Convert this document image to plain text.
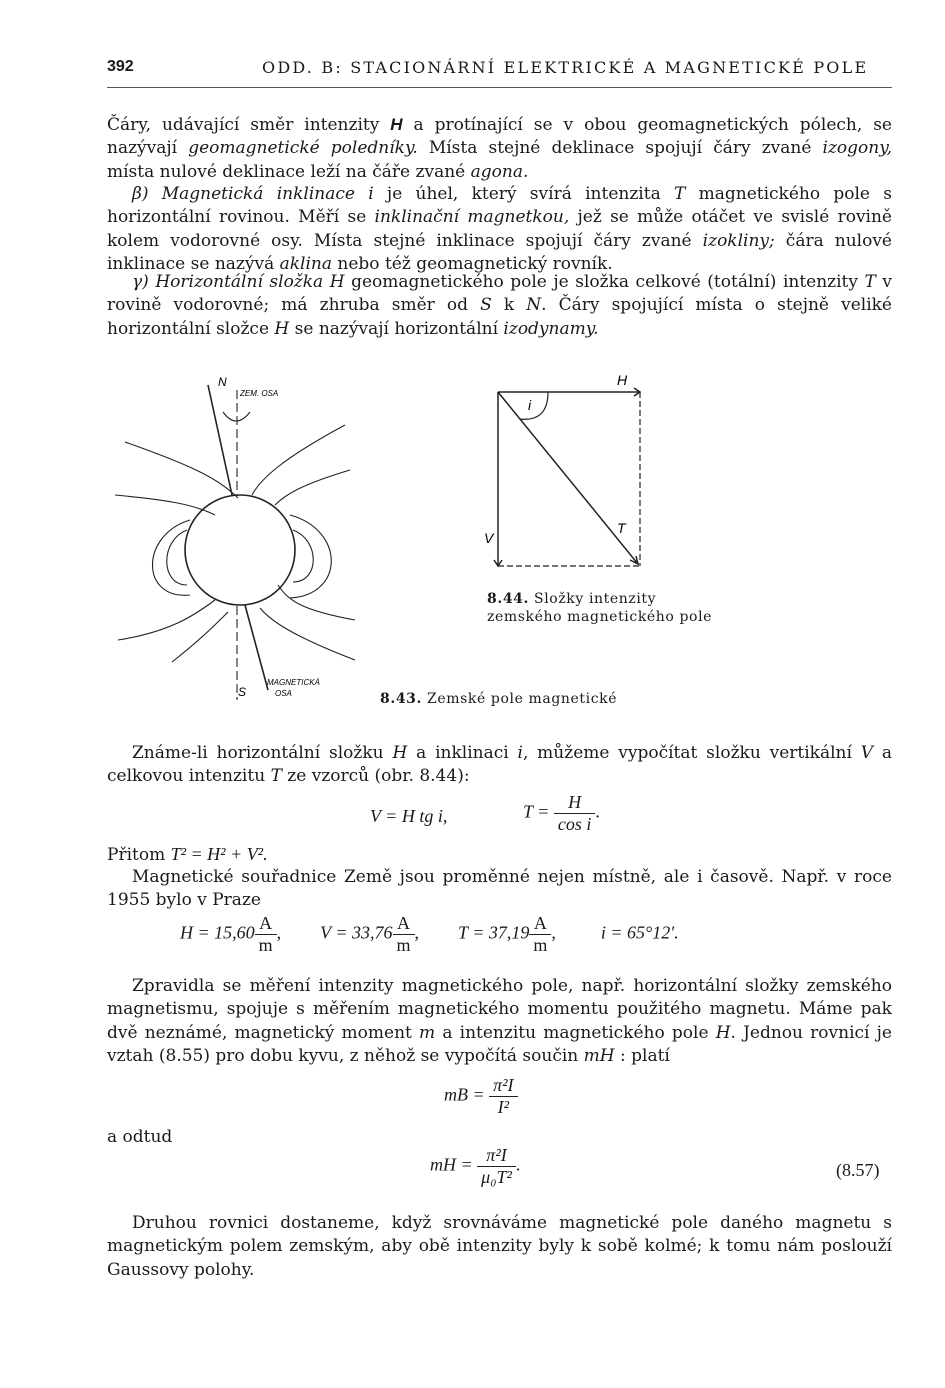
392	ODD. B: STACIONÁRNÍ ELEKTRICKÉ A MAGNETICKÉ POLE
Čáry, udávající směr intenzity H a protínající se v obou geomagnetických pólech, se nazývají geomagnetické poledníky. Místa stejné deklinace spojují čáry zvané izogony, místa nulové deklinace leží na čáře zvané agona.
β) Magnetická inklinace i je úhel, který svírá intenzita T magnetického pole s horizontální rovinou. Měří se inklinační magnetkou, jež se může otáčet ve svislé rovině kolem vodorovné osy. Místa stejné inklinace spojují čáry zvané izokliny; čára nulové inklinace se nazývá aklina nebo též geomagnetický rovník.
γ) Horizontální složka H geomagnetického pole je složka celkové (totální) intenzity T v rovině vodorovné; má zhruba směr od S k N. Čáry spojující místa o stejně veliké horizontální složce H se nazývají horizontální izodynamy.
N
ZEM. OSA
S
MAGNETICKÁ
OSA	8.43. Zemské pole magnetické
H
i
T
V
8.44. Složky intenzity
zemského magnetického pole
Známe-li horizontální složku H a inklinaci i, můžeme vypočítat složku vertikální V a celkovou intenzitu T ze vzorců (obr. 8.44):
V = H tg i,	$T = \frac{H}{\text{cos i}}$ .
Přitom T² = H² + V².
Magnetické souřadnice Země jsou proměnné nejen místně, ale i časově. Např. v roce 1955 bylo v Praze
$H = 15,60 \frac{A}{m}$ , $V = 33,76 \frac{A}{m}$ , $T = 37,19 \frac{A}{m}$ ,	i = 65°12′.
Zpravidla se měření intenzity magnetického pole, např. horizontální složky zemského magnetismu, spojuje s měřením magnetického momentu použitého magnetu. Máme pak dvě neznámé, magnetický moment m a intenzitu magnetického pole H. Jednou rovnicí je vztah (8.55) pro dobu kyvu, z něhož se vypočítá součin mH : platí
mB = $\frac{\text{π²I}}{\text{I²}}$
a odtud
mH = $\frac{\text{π²I}}{\text{μ₀T²}}$ .	(8.57)
Druhou rovnici dostaneme, když srovnáváme magnetické pole daného magnetu s magnetickým polem zemským, aby obě intenzity byly k sobě kolmé; k tomu nám poslouží Gaussovy polohy.
